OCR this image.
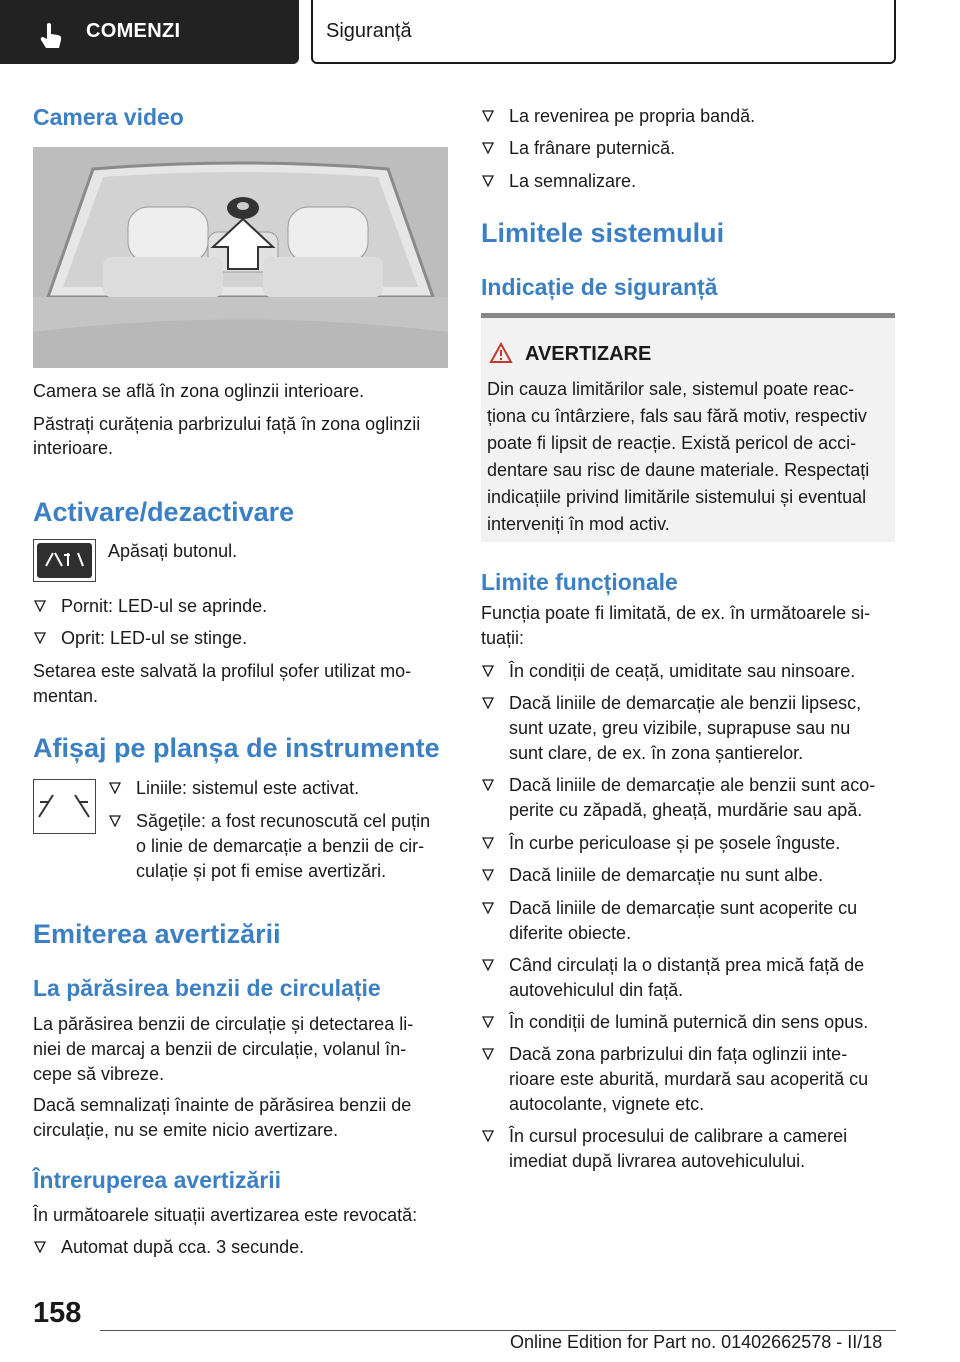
COMENZI	Siguranță
Camera video
Camera se află în zona oglinzii interioare.
Păstrați curățenia parbrizului față în zona oglinzii
interioare.
Activare/dezactivare
Apăsați butonul.
Pornit: LED-ul se aprinde.
Oprit: LED-ul se stinge.
Setarea este salvată la profilul șofer utilizat mo-
mentan.
Afișaj pe planșa de instrumente
Liniile: sistemul este activat.
Săgețile: a fost recunoscută cel puțin
o linie de demarcație a benzii de cir-
culație și pot fi emise avertizări.
Emiterea avertizării
La părăsirea benzii de circulație
La părăsirea benzii de circulație și detectarea li-
niei de marcaj a benzii de circulație, volanul în-
cepe să vibreze.
Dacă semnalizați înainte de părăsirea benzii de
circulație, nu se emite nicio avertizare.
Întreruperea avertizării
În următoarele situații avertizarea este revocată:
Automat după cca. 3 secunde.
La revenirea pe propria bandă.
La frânare puternică.
La semnalizare.
Limitele sistemului
Indicație de siguranță
AVERTIZARE
Din cauza limitărilor sale, sistemul poate reac-
ționa cu întârziere, fals sau fără motiv, respectiv
poate fi lipsit de reacție. Există pericol de acci-
dentare sau risc de daune materiale. Respectați
indicațiile privind limitările sistemului și eventual
interveniți în mod activ.
Limite funcționale
Funcția poate fi limitată, de ex. în următoarele si-
tuații:
În condiții de ceață, umiditate sau ninsoare.
Dacă liniile de demarcație ale benzii lipsesc,
sunt uzate, greu vizibile, suprapuse sau nu
sunt clare, de ex. în zona șantierelor.
Dacă liniile de demarcație ale benzii sunt aco-
perite cu zăpadă, gheață, murdărie sau apă.
În curbe periculoase și pe șosele înguste.
Dacă liniile de demarcație nu sunt albe.
Dacă liniile de demarcație sunt acoperite cu
diferite obiecte.
Când circulați la o distanță prea mică față de
autovehiculul din față.
În condiții de lumină puternică din sens opus.
Dacă zona parbrizului din fața oglinzii inte-
rioare este aburită, murdară sau acoperită cu
autocolante, vignete etc.
În cursul procesului de calibrare a camerei
imediat după livrarea autovehiculului.
158
Online Edition for Part no. 01402662578 - II/18
